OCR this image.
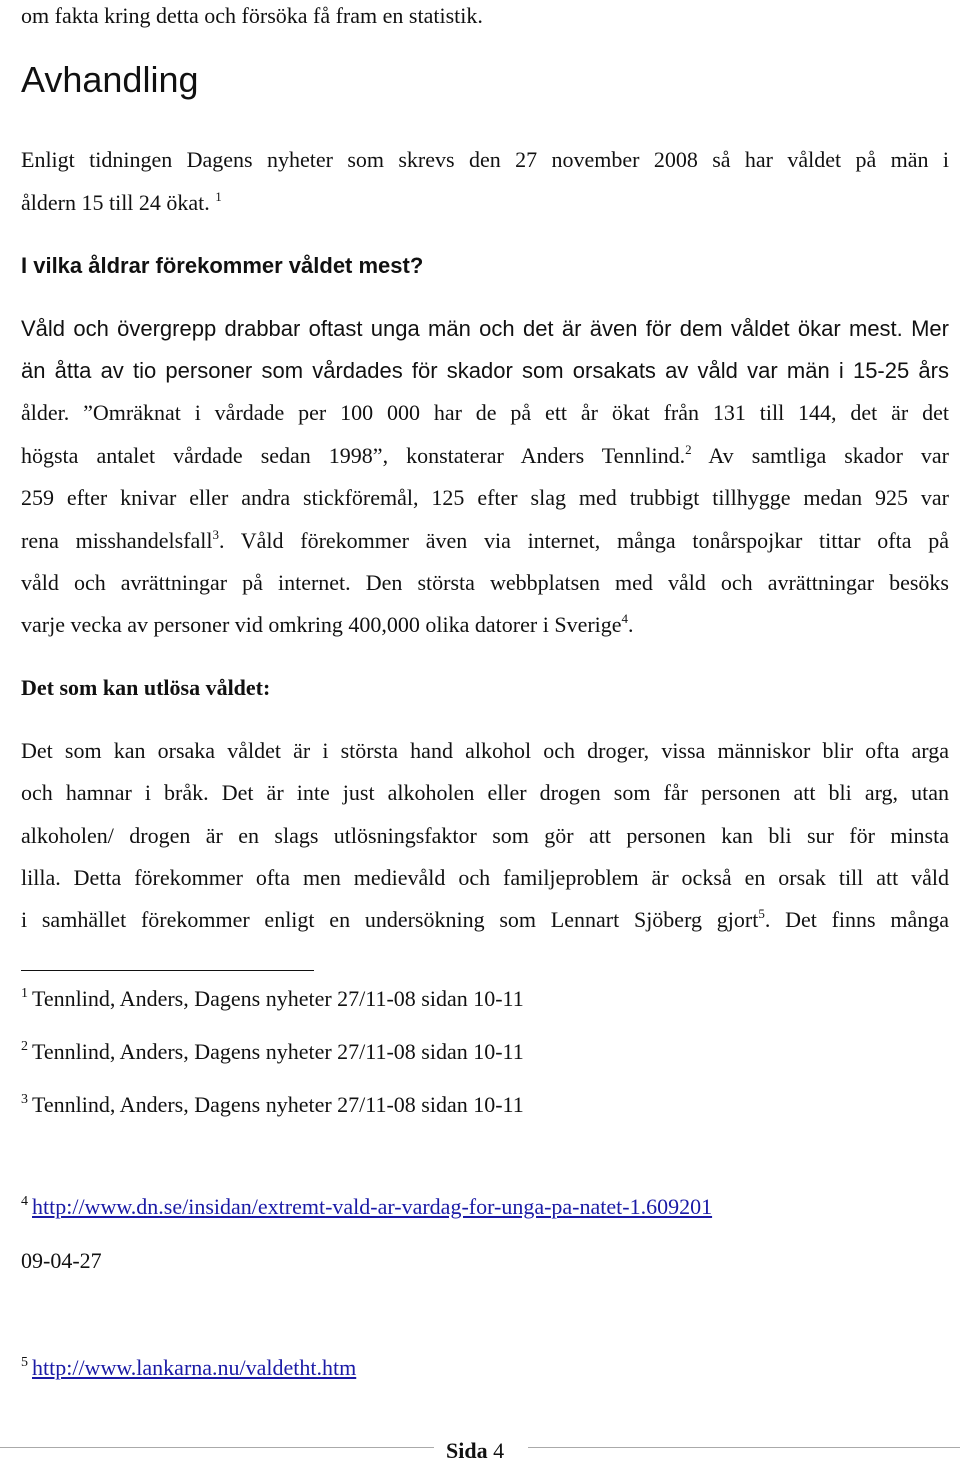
om fakta kring detta och försöka få fram en statistik.
Avhandling
Enligt tidningen Dagens nyheter som skrevs den 27 november 2008 så har våldet på män i
åldern 15 till 24 ökat. $^1$
I vilka åldrar förekommer våldet mest?
Våld och övergrepp drabbar oftast unga män och det är även för dem våldet ökar mest. Mer
än åtta av tio personer som vårdades för skador som orsakats av våld var män i 15-25 års
ålder. ”Omräknat i vårdade per 100 000 har de på ett år ökat från 131 till 144, det är det
högsta antalet vårdade sedan 1998”, konstaterar Anders Tennlind.$^2$ Av samtliga skador var
259 efter knivar eller andra stickföremål, 125 efter slag med trubbigt tillhygge medan 925 var
rena misshandelsfall$^3$. Våld förekommer även via internet, många tonårspojkar tittar ofta på
våld och avrättningar på internet. Den största webbplatsen med våld och avrättningar besöks
varje vecka av personer vid omkring 400,000 olika datorer i Sverige$^4$.
Det som kan utlösa våldet:
Det som kan orsaka våldet är i största hand alkohol och droger, vissa människor blir ofta arga
och hamnar i bråk. Det är inte just alkoholen eller drogen som får personen att bli arg, utan
alkoholen/ drogen är en slags utlösningsfaktor som gör att personen kan bli sur för minsta
lilla. Detta förekommer ofta men medievåld och familjeproblem är också en orsak till att våld
i samhället förekommer enligt en undersökning som Lennart Sjöberg gjort$^5$. Det finns många
$^1$ Tennlind, Anders, Dagens nyheter 27/11-08 sidan 10-11
$^2$ Tennlind, Anders, Dagens nyheter 27/11-08 sidan 10-11
$^3$ Tennlind, Anders, Dagens nyheter 27/11-08 sidan 10-11
$^4$ http://www.dn.se/insidan/extremt-vald-ar-vardag-for-unga-pa-natet-1.609201
09-04-27
$^5$ http://www.lankarna.nu/valdetht.htm
Sida 4
